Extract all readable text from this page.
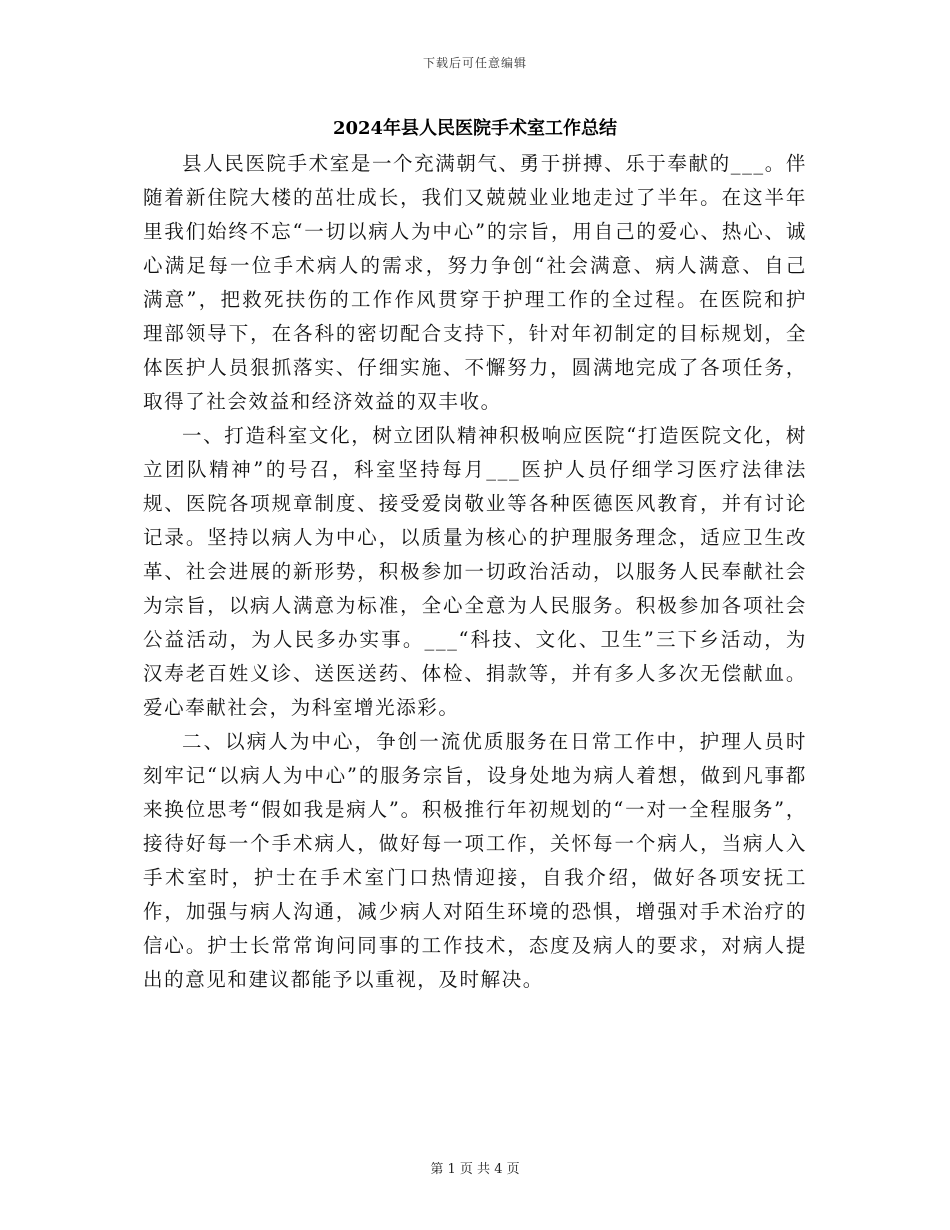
下载后可任意编辑
2024年县人民医院手术室工作总结

县人民医院手术室是一个充满朝气、勇于拼搏、乐于奉献的___。伴随着新住院大楼的茁壮成长，我们又兢兢业业地走过了半年。在这半年里我们始终不忘“一切以病人为中心”的宗旨，用自己的爱心、热心、诚心满足每一位手术病人的需求，努力争创“社会满意、病人满意、自己满意”，把救死扶伤的工作作风贯穿于护理工作的全过程。在医院和护理部领导下，在各科的密切配合支持下，针对年初制定的目标规划，全体医护人员狠抓落实、仔细实施、不懈努力，圆满地完成了各项任务，取得了社会效益和经济效益的双丰收。

一、打造科室文化，树立团队精神积极响应医院“打造医院文化，树立团队精神”的号召，科室坚持每月___医护人员仔细学习医疗法律法规、医院各项规章制度、接受爱岗敬业等各种医德医风教育，并有讨论记录。坚持以病人为中心，以质量为核心的护理服务理念，适应卫生改革、社会进展的新形势，积极参加一切政治活动，以服务人民奉献社会为宗旨，以病人满意为标准，全心全意为人民服务。积极参加各项社会公益活动，为人民多办实事。___“科技、文化、卫生”三下乡活动，为汉寿老百姓义诊、送医送药、体检、捐款等，并有多人多次无偿献血。爱心奉献社会，为科室增光添彩。

二、以病人为中心，争创一流优质服务在日常工作中，护理人员时刻牢记“以病人为中心”的服务宗旨，设身处地为病人着想，做到凡事都来换位思考“假如我是病人”。积极推行年初规划的“一对一全程服务”，接待好每一个手术病人，做好每一项工作，关怀每一个病人，当病人入手术室时，护士在手术室门口热情迎接，自我介绍，做好各项安抚工作，加强与病人沟通，减少病人对陌生环境的恐惧，增强对手术治疗的信心。护士长常常询问同事的工作技术，态度及病人的要求，对病人提出的意见和建议都能予以重视，及时解决。

第 1 页 共 4 页
